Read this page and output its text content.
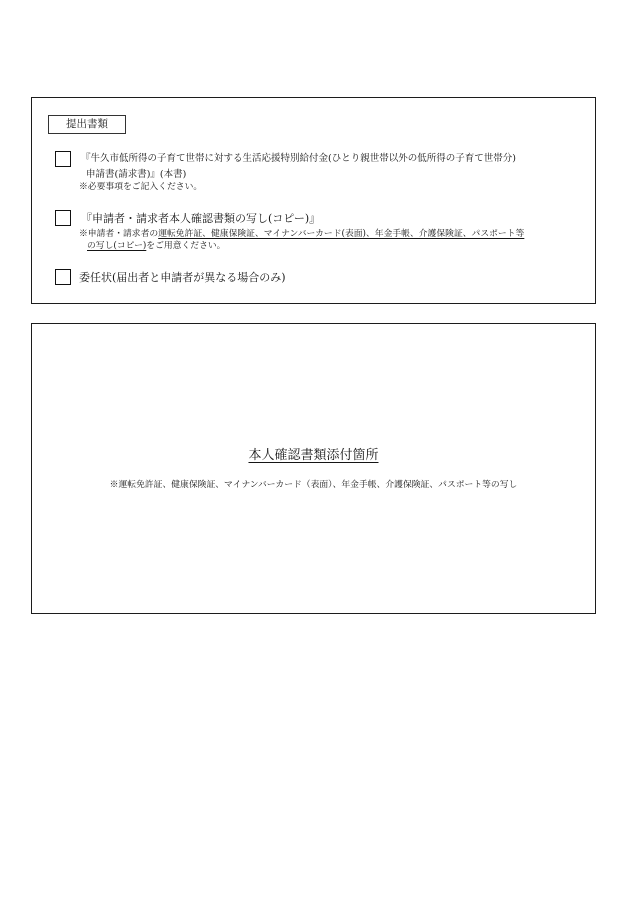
提出書類
『牛久市低所得の子育て世帯に対する生活応援特別給付金(ひとり親世帯以外の低所得の子育て世帯分)
申請書(請求書)』(本書)
※必要事項をご記入ください。
『申請者・請求者本人確認書類の写し(コピー)』
※申請者・請求者の運転免許証、健康保険証、マイナンバーカード(表面)、年金手帳、介護保険証、パスポート等
の写し(コピー)をご用意ください。
委任状(届出者と申請者が異なる場合のみ)
本人確認書類添付箇所
※運転免許証、健康保険証、マイナンバーカード（表面）、年金手帳、介護保険証、パスポート等の写し
